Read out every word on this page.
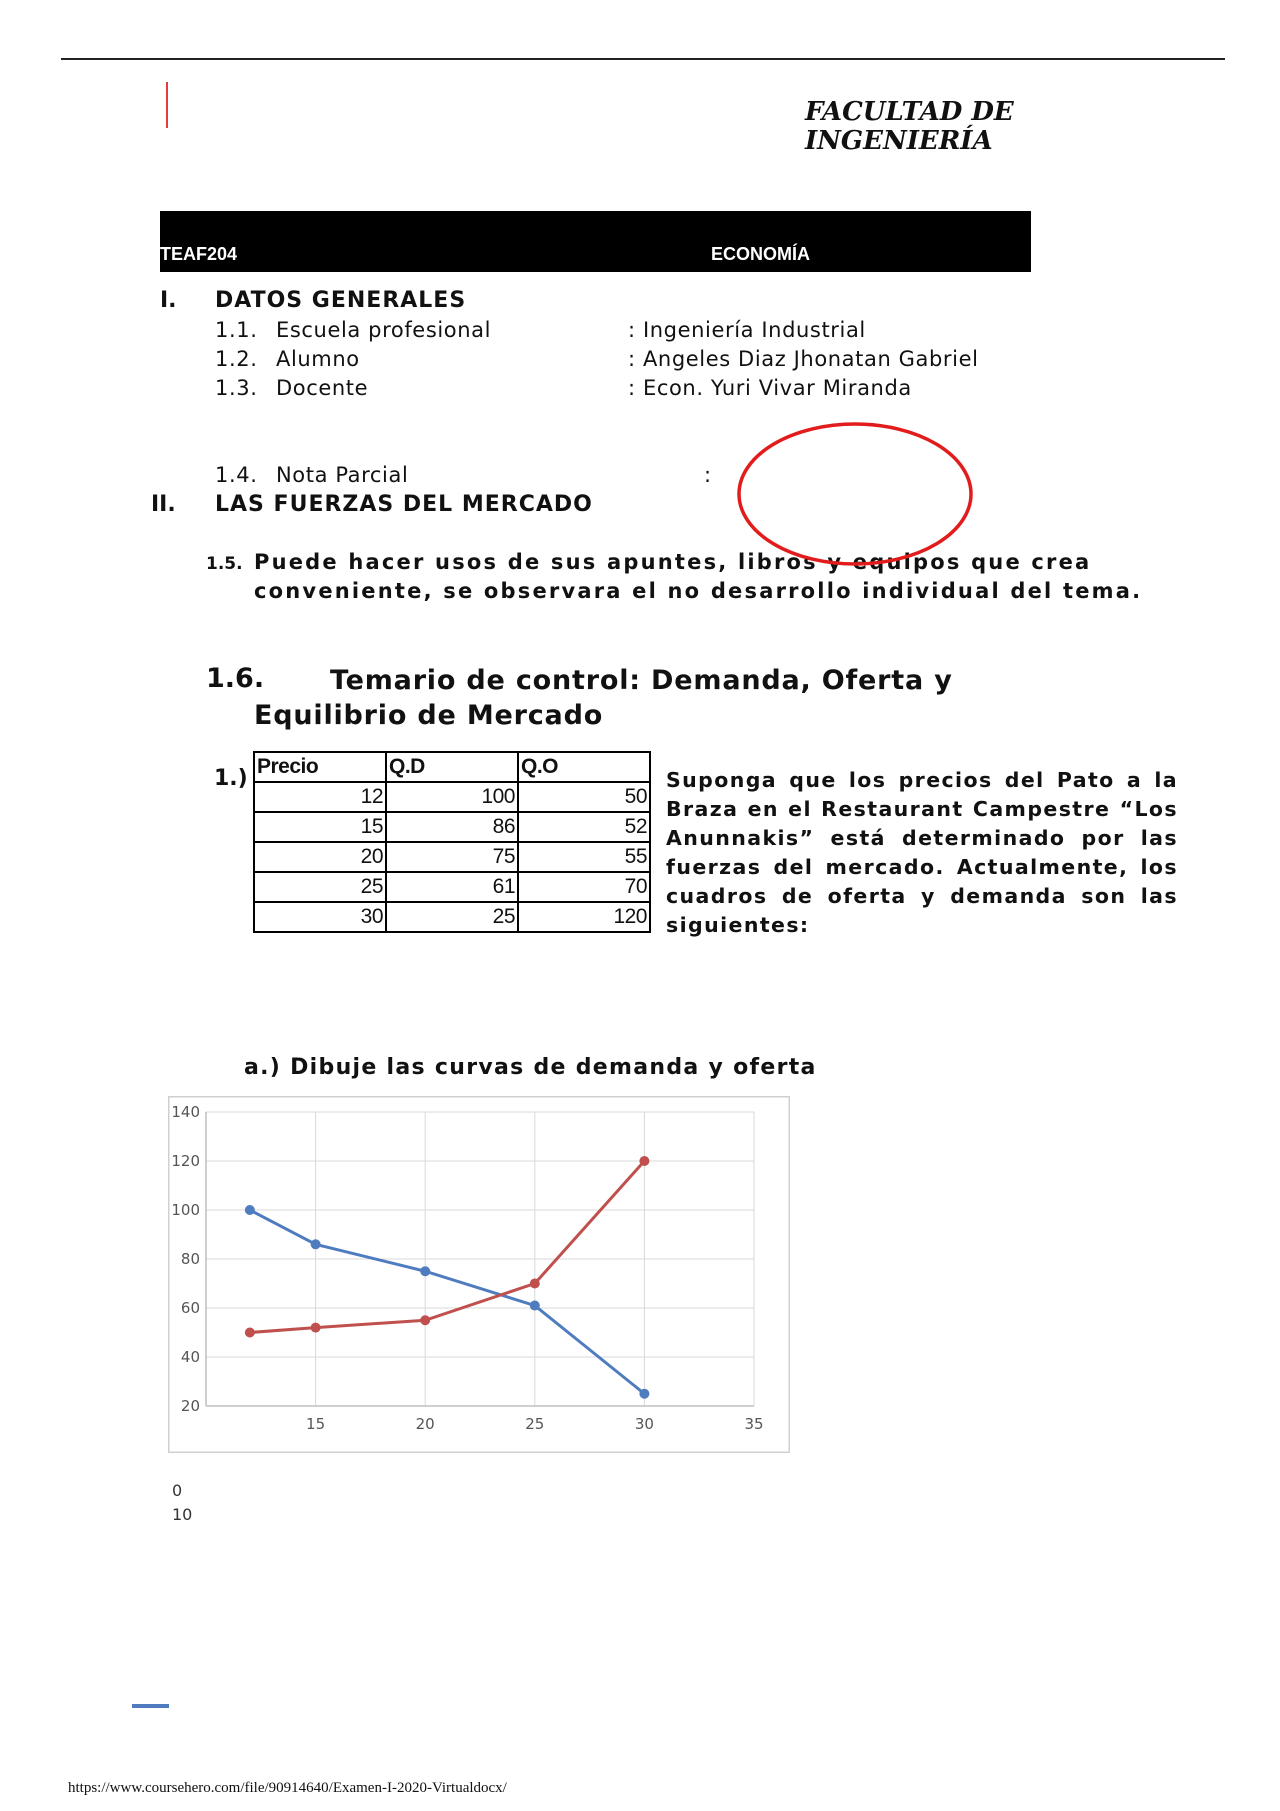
FACULTAD DE
INGENIERÍA
TEAF204	ECONOMÍA
I. DATOS GENERALES
1.1. Escuela profesional	: Ingeniería Industrial
1.2. Alumno	: Angeles Diaz Jhonatan Gabriel
1.3. Docente	: Econ. Yuri Vivar Miranda
1.4. Nota Parcial	:
II. LAS FUERZAS DEL MERCADO
1.5. Puede hacer usos de sus apuntes, libros y equipos que crea conveniente, se observara el no desarrollo individual del tema.
1.6.	Temario de control: Demanda, Oferta y Equilibrio de Mercado
1.) Precio	Q.D	Q.O
12	100	50
15	86	52
20	75	55
25	61	70
30	25	120
Suponga que los precios del Pato a la Braza en el Restaurant Campestre “Los Anunnakis” está determinado por las fuerzas del mercado. Actualmente, los cuadros de oferta y demanda son las siguientes:
a.) Dibuje las curvas de demanda y oferta
20
40
60
80
100
120
140
15	20	25	30	35
0
10
https://www.coursehero.com/file/90914640/Examen-I-2020-Virtualdocx/
